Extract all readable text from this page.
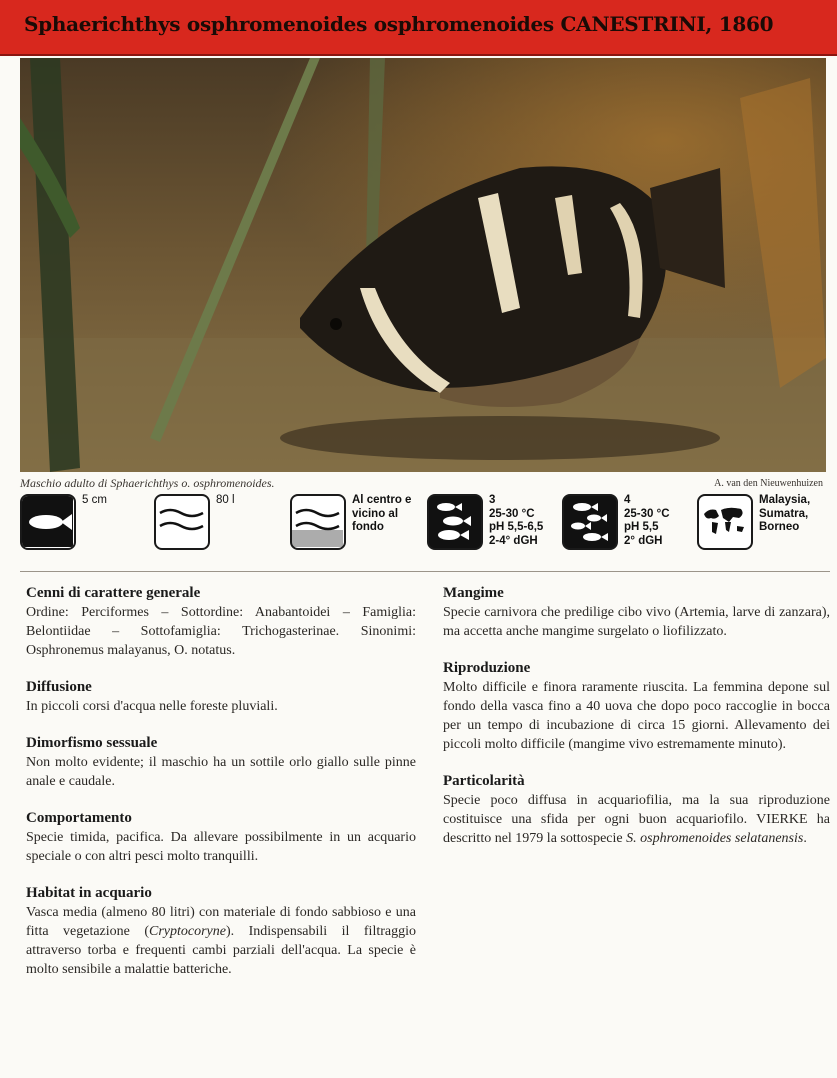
Sphaerichthys osphromenoides osphromenoides CANESTRINI, 1860
Maschio adulto di Sphaerichthys o. osphromenoides.	A. van den Nieuwenhuizen
5 cm	80 l	Al centro e
vicino al
fondo
3
25-30 °C
pH 5,5-6,5
2-4° dGH
4
25-30 °C
pH 5,5
2° dGH
Malaysia,
Sumatra,
Borneo
Cenni di carattere generale

Ordine: Perciformes – Sottordine: Anabantoidei – Famiglia: Belontiidae – Sottofamiglia: Trichogasterinae. Sinonimi: Osphronemus malayanus, O. notatus.

Diffusione

In piccoli corsi d'acqua nelle foreste pluviali.

Dimorfismo sessuale

Non molto evidente; il maschio ha un sottile orlo giallo sulle pinne anale e caudale.

Comportamento

Specie timida, pacifica. Da allevare possibilmente in un acquario speciale o con altri pesci molto tranquilli.

Habitat in acquario

Vasca media (almeno 80 litri) con materiale di fondo sabbioso e una fitta vegetazione (Cryptocoryne). Indispensabili il filtraggio attraverso torba e frequenti cambi parziali dell'acqua. La specie è molto sensibile a malattie batteriche.

Mangime

Specie carnivora che predilige cibo vivo (Artemia, larve di zanzara), ma accetta anche mangime surgelato o liofilizzato.

Riproduzione

Molto difficile e finora raramente riuscita. La femmina depone sul fondo della vasca fino a 40 uova che dopo poco raccoglie in bocca per un tempo di incubazione di circa 15 giorni. Allevamento dei piccoli molto difficile (mangime vivo estremamente minuto).

Particolarità

Specie poco diffusa in acquariofilia, ma la sua riproduzione costituisce una sfida per ogni buon acquariofilo. VIERKE ha descritto nel 1979 la sottospecie S. osphromenoides selatanensis.
